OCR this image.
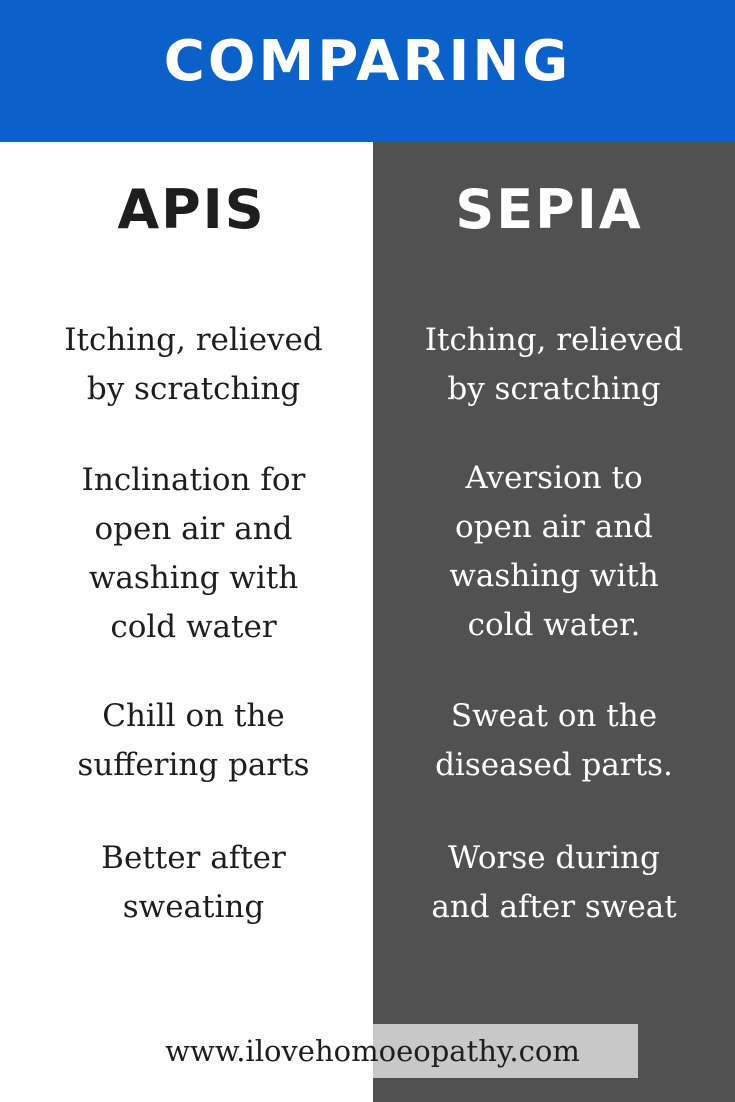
COMPARING
APIS

Itching, relieved
by scratching

Inclination for
open air and
washing with
cold water

Chill on the
suffering parts

Better after
sweating

SEPIA

Itching, relieved
by scratching

Aversion to
open air and
washing with
cold water.

Sweat on the
diseased parts.

Worse during
and after sweat

www.ilovehomoeopathy.com
